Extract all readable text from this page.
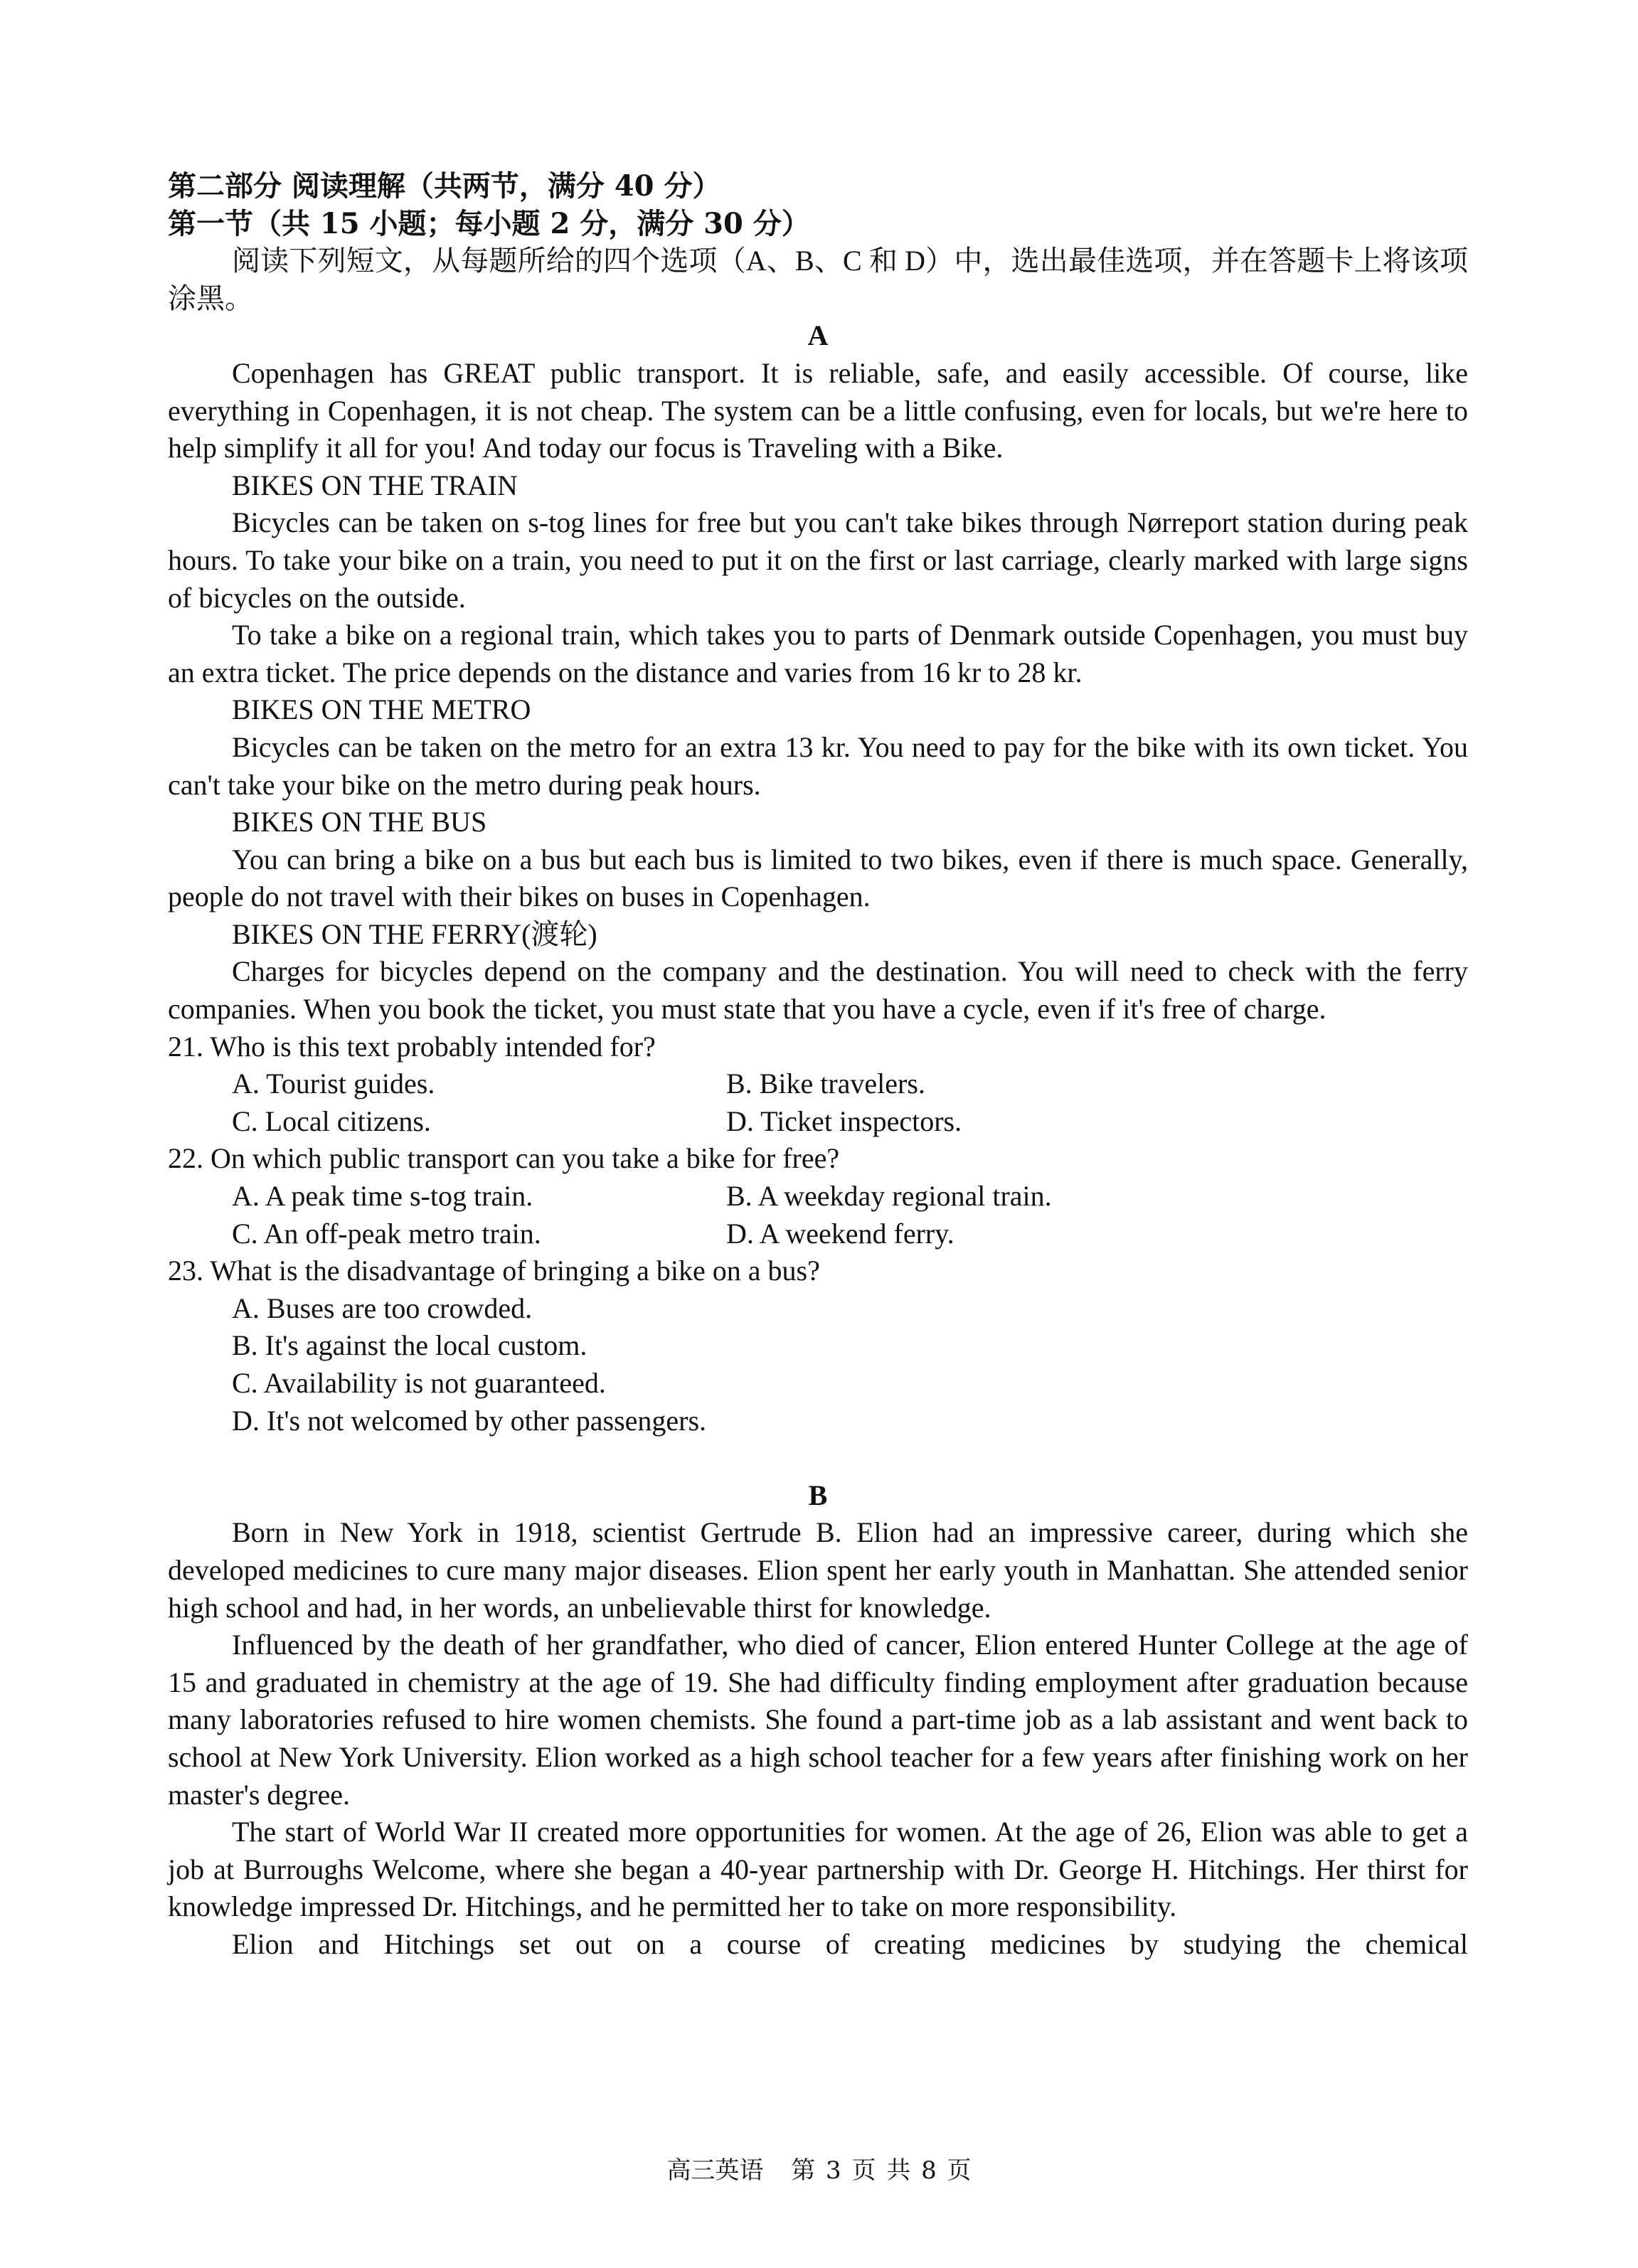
第二部分 阅读理解（共两节，满分 40 分）
第一节（共 15 小题；每小题 2 分，满分 30 分）

阅读下列短文，从每题所给的四个选项（A、B、C 和 D）中，选出最佳选项，并在答题卡上将该项涂黑。

A

Copenhagen has GREAT public transport. It is reliable, safe, and easily accessible. Of course, like everything in Copenhagen, it is not cheap. The system can be a little confusing, even for locals, but we're here to help simplify it all for you! And today our focus is Traveling with a Bike.

BIKES ON THE TRAIN

Bicycles can be taken on s-tog lines for free but you can't take bikes through Nørreport station during peak hours. To take your bike on a train, you need to put it on the first or last carriage, clearly marked with large signs of bicycles on the outside.

To take a bike on a regional train, which takes you to parts of Denmark outside Copenhagen, you must buy an extra ticket. The price depends on the distance and varies from 16 kr to 28 kr.

BIKES ON THE METRO

Bicycles can be taken on the metro for an extra 13 kr. You need to pay for the bike with its own ticket. You can't take your bike on the metro during peak hours.

BIKES ON THE BUS

You can bring a bike on a bus but each bus is limited to two bikes, even if there is much space. Generally, people do not travel with their bikes on buses in Copenhagen.

BIKES ON THE FERRY(渡轮)

Charges for bicycles depend on the company and the destination. You will need to check with the ferry companies. When you book the ticket, you must state that you have a cycle, even if it's free of charge.

21. Who is this text probably intended for?
A. Tourist guides.	B. Bike travelers.
C. Local citizens.	D. Ticket inspectors.
22. On which public transport can you take a bike for free?
A. A peak time s-tog train.	B. A weekday regional train.
C. An off-peak metro train.	D. A weekend ferry.
23. What is the disadvantage of bringing a bike on a bus?
A. Buses are too crowded.
B. It's against the local custom.
C. Availability is not guaranteed.
D. It's not welcomed by other passengers.
B

Born in New York in 1918, scientist Gertrude B. Elion had an impressive career, during which she developed medicines to cure many major diseases. Elion spent her early youth in Manhattan. She attended senior high school and had, in her words, an unbelievable thirst for knowledge.

Influenced by the death of her grandfather, who died of cancer, Elion entered Hunter College at the age of 15 and graduated in chemistry at the age of 19. She had difficulty finding employment after graduation because many laboratories refused to hire women chemists. She found a part-time job as a lab assistant and went back to school at New York University. Elion worked as a high school teacher for a few years after finishing work on her master's degree.

The start of World War II created more opportunities for women. At the age of 26, Elion was able to get a job at Burroughs Welcome, where she began a 40-year partnership with Dr. George H. Hitchings. Her thirst for knowledge impressed Dr. Hitchings, and he permitted her to take on more responsibility.

Elion and Hitchings set out on a course of creating medicines by studying the chemical

高三英语 第 3 页 共 8 页
